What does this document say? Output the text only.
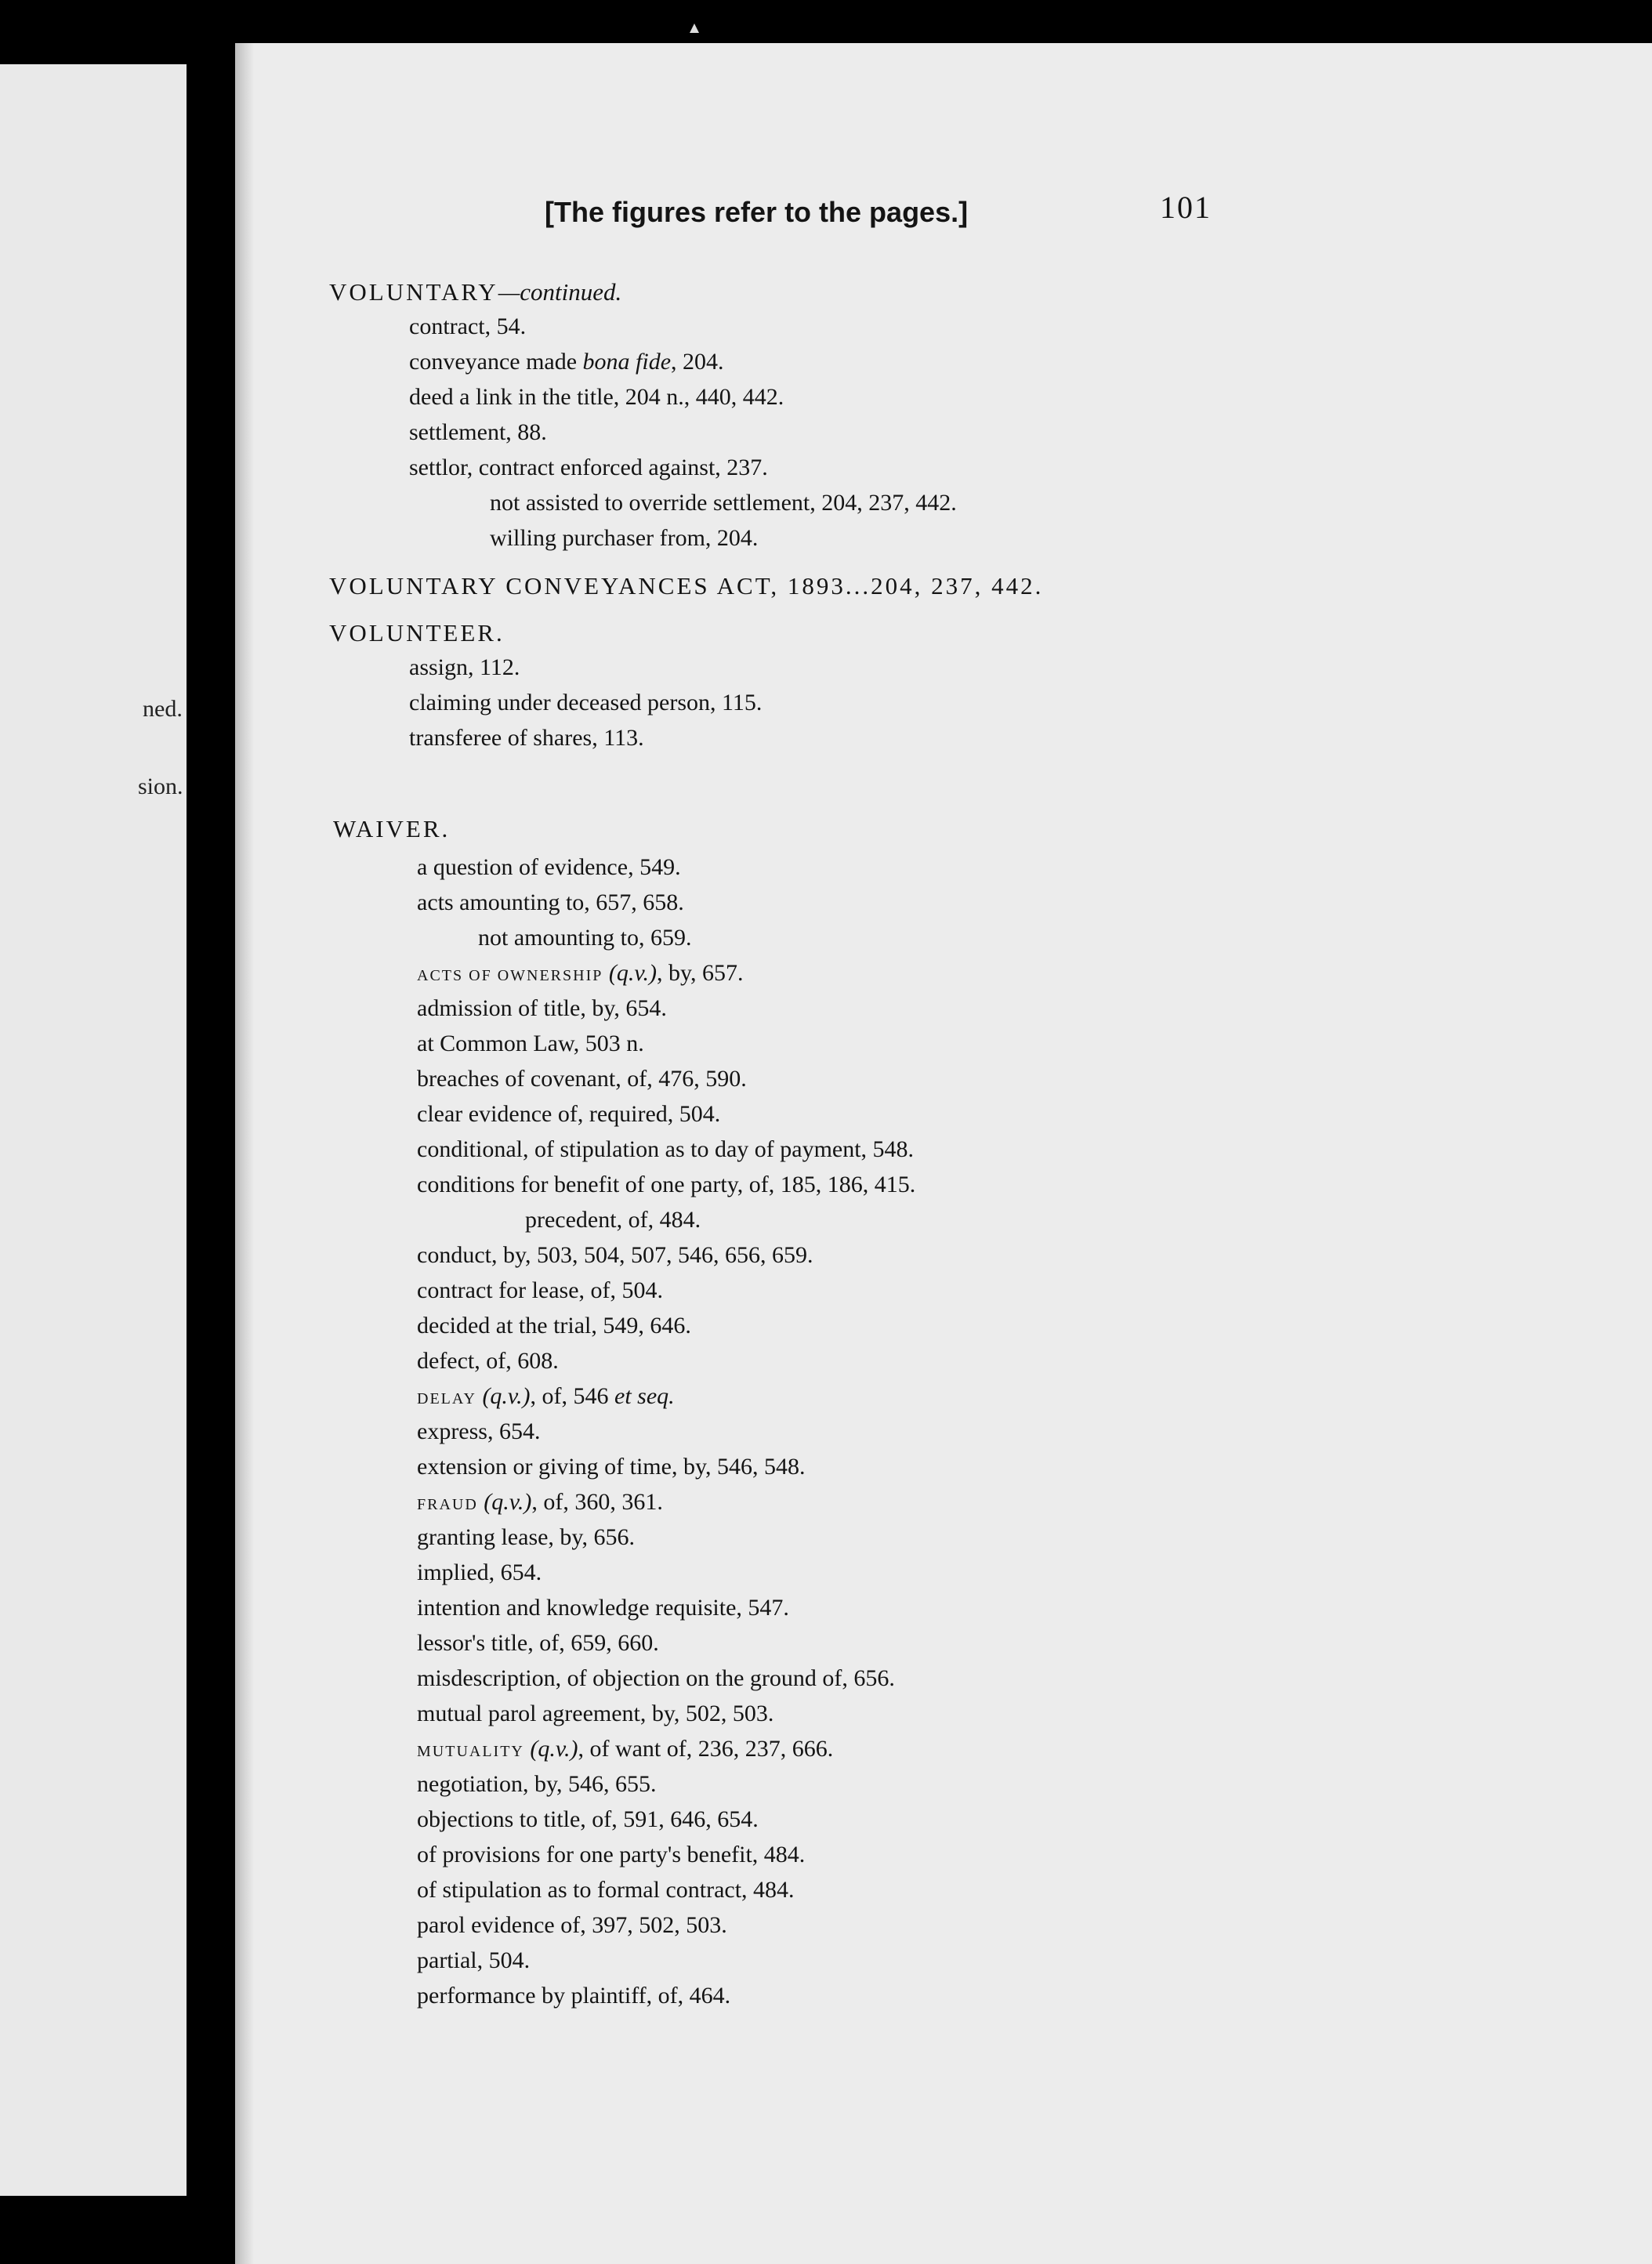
ned.
sion.
[The figures refer to the pages.]	101
VOLUNTARY—continued.
contract, 54.
conveyance made bona fide, 204.
deed a link in the title, 204 n., 440, 442.
settlement, 88.
settlor, contract enforced against, 237.
not assisted to override settlement, 204, 237, 442.
willing purchaser from, 204.
VOLUNTARY CONVEYANCES ACT, 1893...204, 237, 442.
VOLUNTEER.
assign, 112.
claiming under deceased person, 115.
transferee of shares, 113.
WAIVER.
a question of evidence, 549.
acts amounting to, 657, 658.
not amounting to, 659.
ACTS OF OWNERSHIP (q.v.), by, 657.
admission of title, by, 654.
at Common Law, 503 n.
breaches of covenant, of, 476, 590.
clear evidence of, required, 504.
conditional, of stipulation as to day of payment, 548.
conditions for benefit of one party, of, 185, 186, 415.
precedent, of, 484.
conduct, by, 503, 504, 507, 546, 656, 659.
contract for lease, of, 504.
decided at the trial, 549, 646.
defect, of, 608.
DELAY (q.v.), of, 546 et seq.
express, 654.
extension or giving of time, by, 546, 548.
FRAUD (q.v.), of, 360, 361.
granting lease, by, 656.
implied, 654.
intention and knowledge requisite, 547.
lessor's title, of, 659, 660.
misdescription, of objection on the ground of, 656.
mutual parol agreement, by, 502, 503.
MUTUALITY (q.v.), of want of, 236, 237, 666.
negotiation, by, 546, 655.
objections to title, of, 591, 646, 654.
of provisions for one party's benefit, 484.
of stipulation as to formal contract, 484.
parol evidence of, 397, 502, 503.
partial, 504.
performance by plaintiff, of, 464.
